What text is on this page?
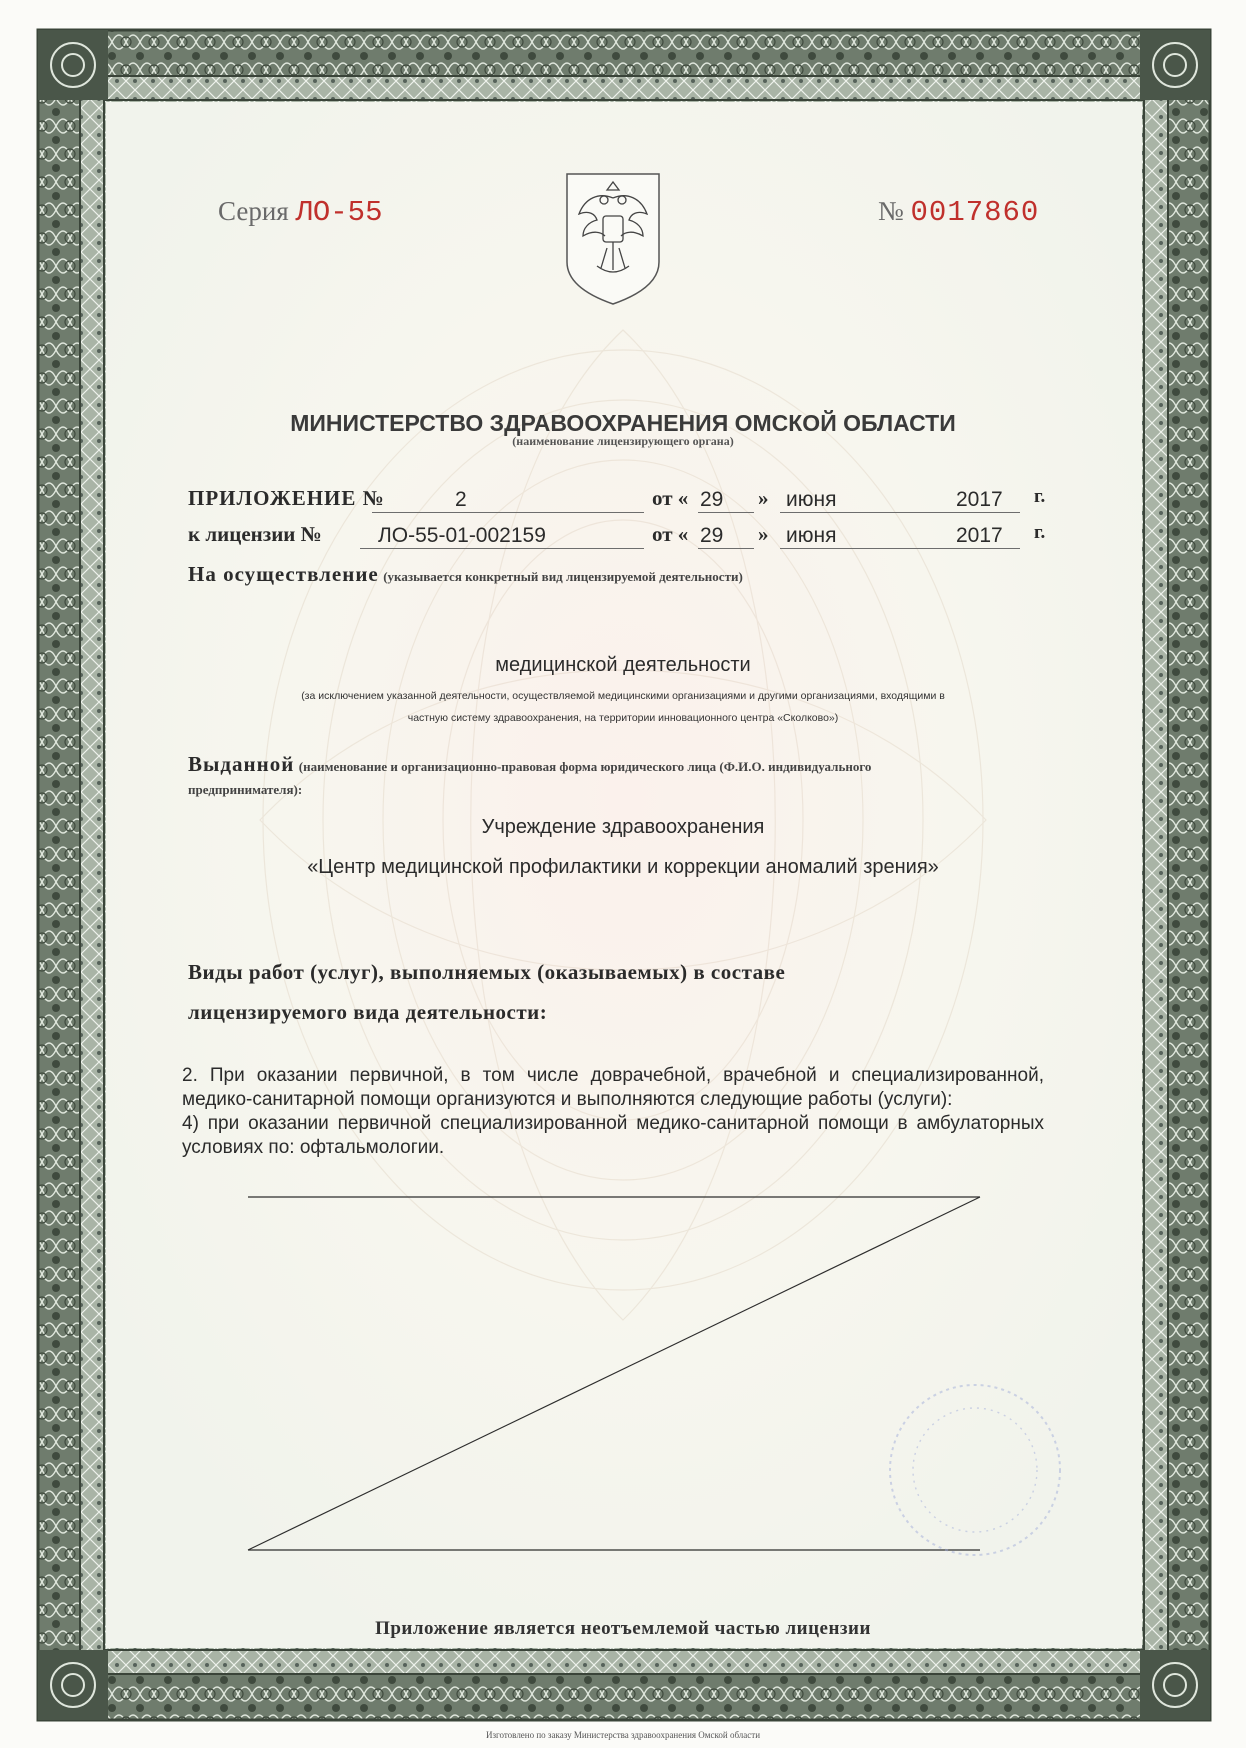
Серия ЛО-55	№ 0017860
МИНИСТЕРСТВО ЗДРАВООХРАНЕНИЯ ОМСКОЙ ОБЛАСТИ
(наименование лицензирующего органа)
ПРИЛОЖЕНИЕ №	2	от « 29 » июня	2017 г.
к лицензии №	ЛО-55-01-002159	от « 29 » июня	2017 г.
На осуществление (указывается конкретный вид лицензируемой деятельности)
медицинской деятельности
(за исключением указанной деятельности, осуществляемой медицинскими организациями и другими организациями, входящими в
частную систему здравоохранения, на территории инновационного центра «Сколково»)
Выданной (наименование и организационно-правовая форма юридического лица (Ф.И.О. индивидуального
предпринимателя):
Учреждение здравоохранения
«Центр медицинской профилактики и коррекции аномалий зрения»
Виды работ (услуг), выполняемых (оказываемых) в составе
лицензируемого вида деятельности:
2. При оказании первичной, в том числе доврачебной, врачебной и специализированной, медико-санитарной помощи организуются и выполняются следующие работы (услуги):
4) при оказании первичной специализированной медико-санитарной помощи в амбулаторных условиях по: офтальмологии.
Приложение является неотъемлемой частью лицензии
Изготовлено по заказу Министерства здравоохранения Омской области
